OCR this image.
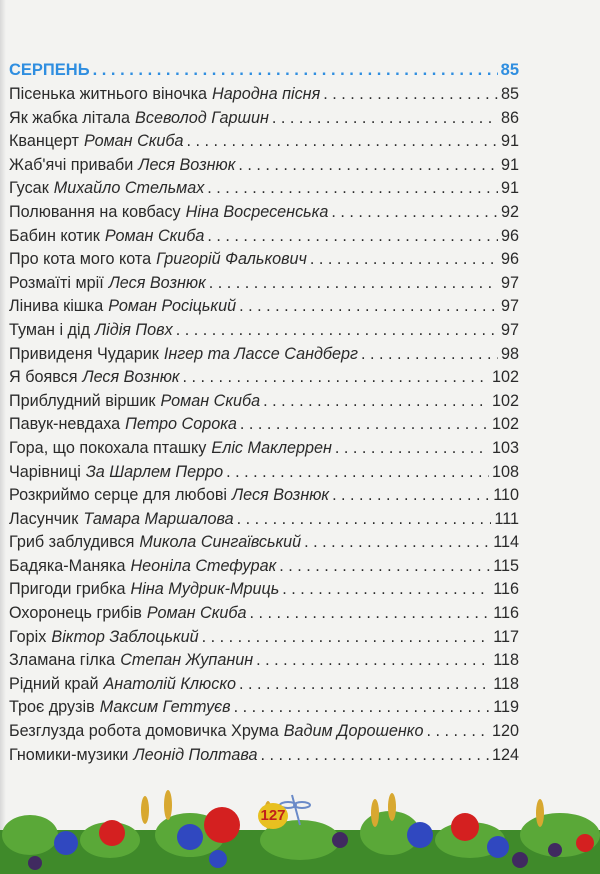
СЕРПЕНЬ . . .	85
Пісенька житнього віночка Народна пісня . . .	85
Як жабка літала Всеволод Гаршин . . .	86
Кванцерт Роман Скиба . . .	91
Жаб'ячі приваби Леся Вознюк . . .	91
Гусак Михайло Стельмах . . .	91
Полювання на ковбасу Ніна Восресенська . . .	92
Бабин котик Роман Скиба . . .	96
Про кота мого кота Григорій Фалькович . . .	96
Розмаїті мрії Леся Вознюк . . .	97
Лінива кішка Роман Росіцький . . .	97
Туман і дід Лідія Повх . . .	97
Привиденя Чударик Інгер та Лассе Сандберг . . .	98
Я боявся Леся Вознюк . . .	102
Приблудний віршик Роман Скиба . . .	102
Павук-невдаха Петро Сорока . . .	102
Гора, що покохала пташку Еліс Маклеррен . . .	103
Чарівниці За Шарлем Перро . . .	108
Розкриймо серце для любові Леся Вознюк . . .	110
Ласунчик Тамара Маршалова . . .	111
Гриб заблудився Микола Сингаївський . . .	114
Бадяка-Маняка Неоніла Стефурак . . .	115
Пригоди грибка Ніна Мудрик-Мриць . . .	116
Охоронець грибів Роман Скиба . . .	116
Горіх Віктор Заблоцький . . .	117
Зламана гілка Степан Жупанин . . .	118
Рідний край Анатолій Клюско . . .	118
Троє друзів Максим Геттуєв . . .	119
Безглузда робота домовичка Хрума Вадим Дорошенко . . .	120
Гномики-музики Леонід Полтава . . .	124
127
